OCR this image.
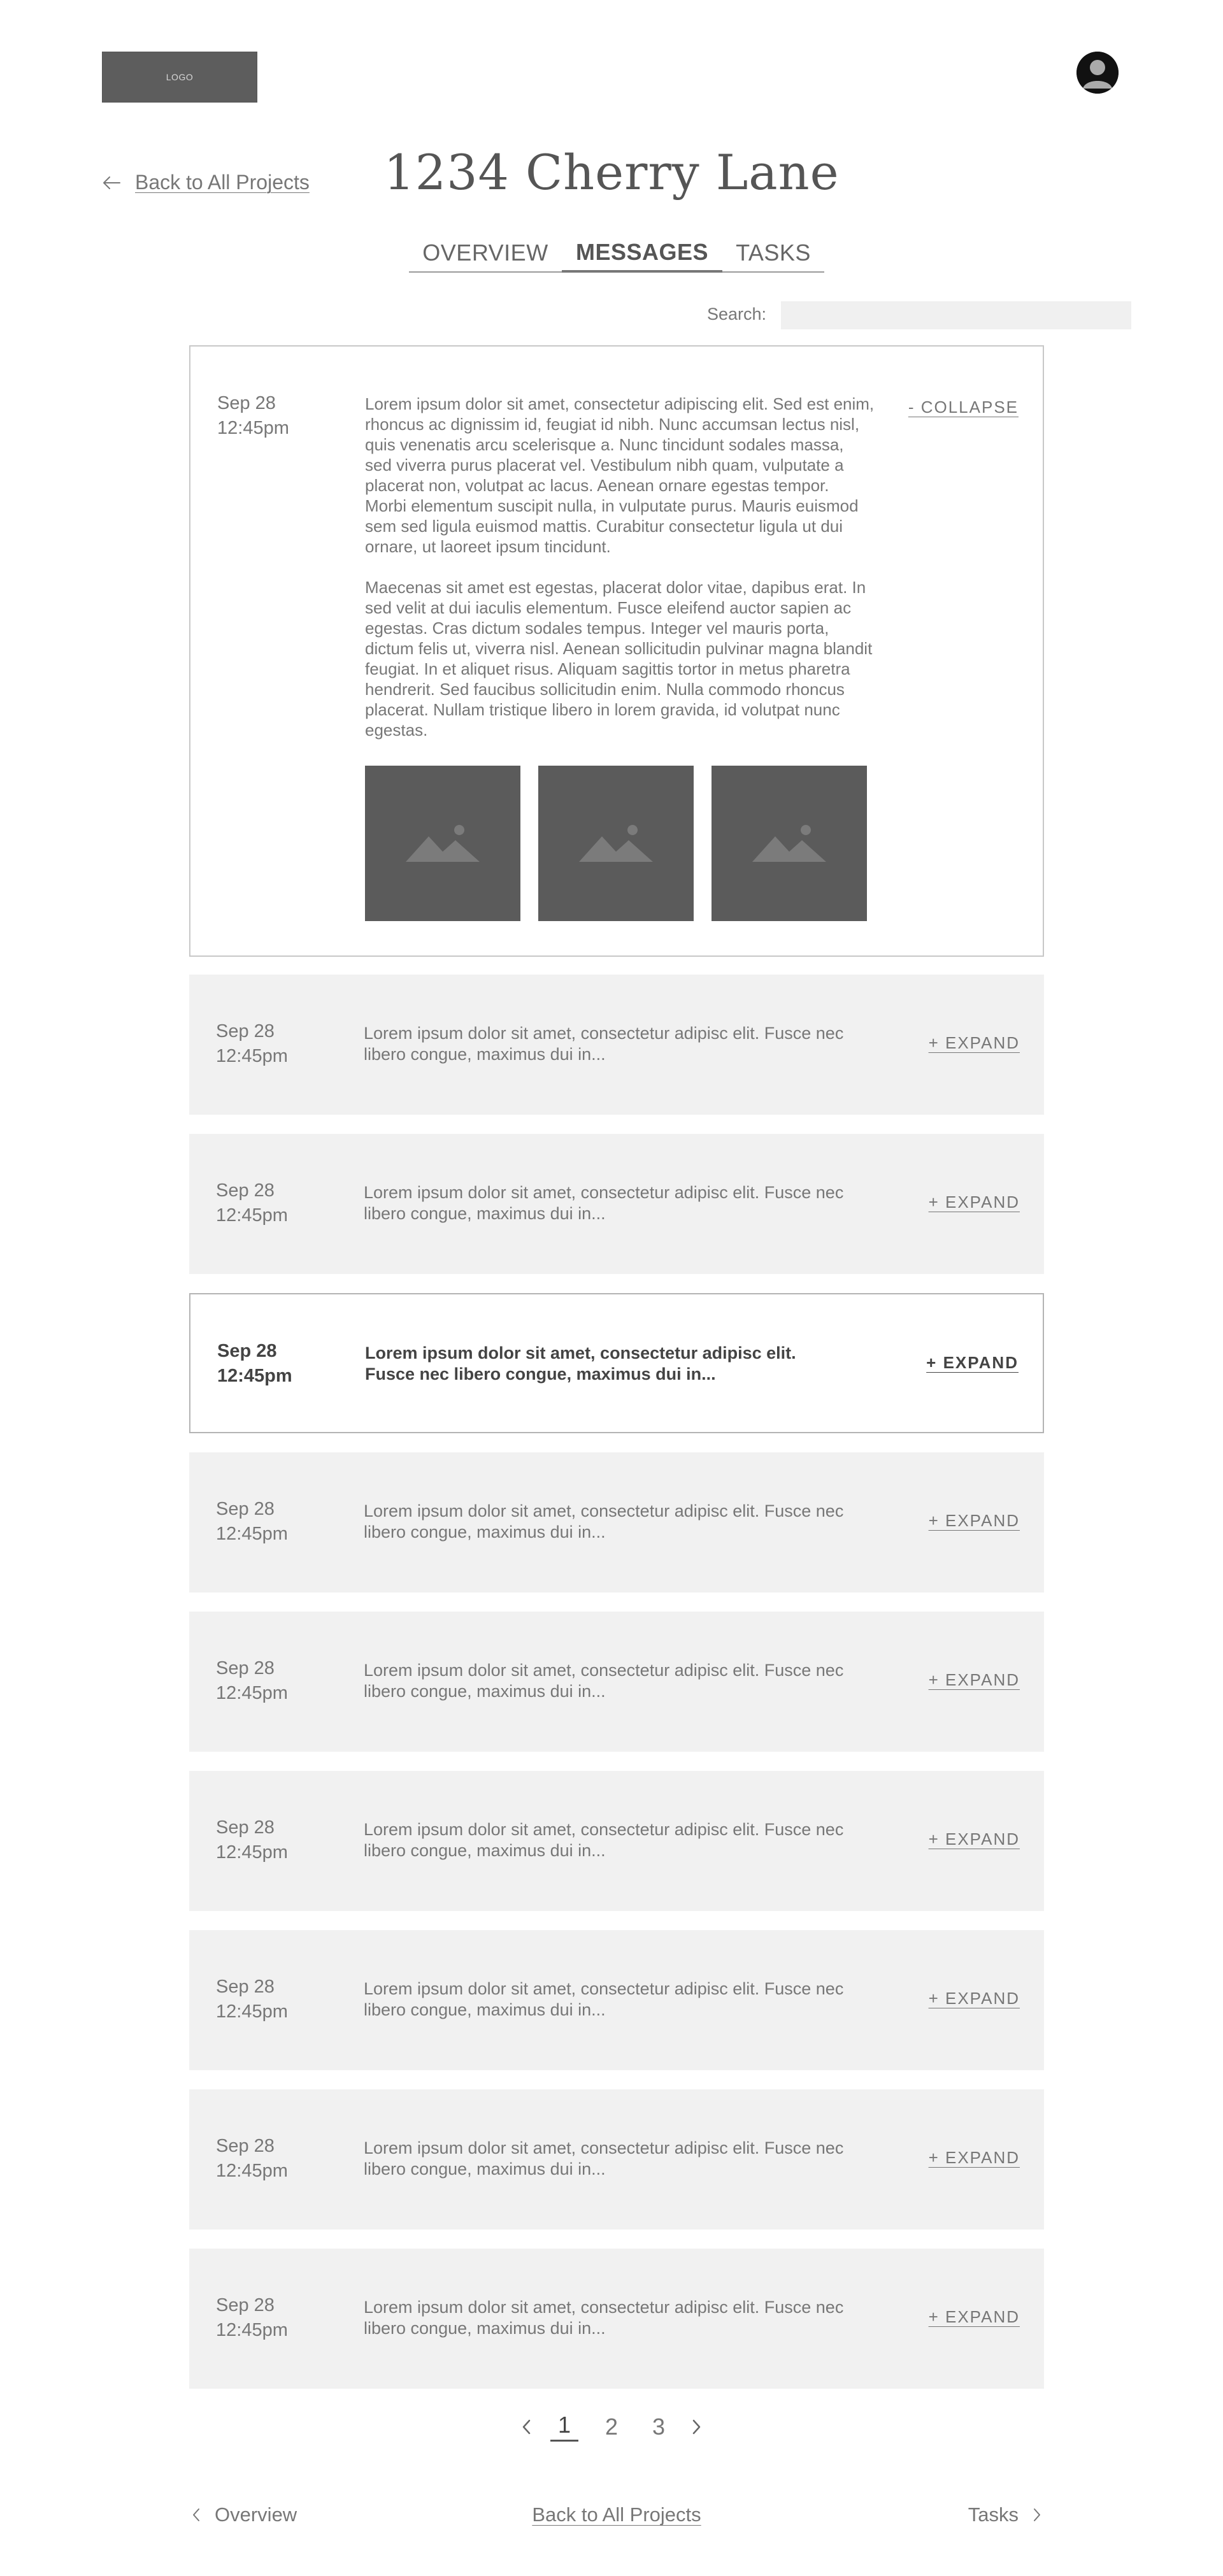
LOGO
Back to All Projects	1234 Cherry Lane
OVERVIEW	MESSAGES	TASKS
Search:
Sep 28
12:45pm

Lorem ipsum dolor sit amet, consectetur adipiscing elit. Sed est enim, rhoncus ac dignissim id, feugiat id nibh. Nunc accumsan lectus nisl, quis venenatis arcu scelerisque a. Nunc tincidunt sodales massa, sed viverra purus placerat vel. Vestibulum nibh quam, vulputate a placerat non, volutpat ac lacus. Aenean ornare egestas tempor. Morbi elementum suscipit nulla, in vulputate purus. Mauris euismod sem sed ligula euismod mattis. Curabitur consectetur ligula ut dui ornare, ut laoreet ipsum tincidunt.

Maecenas sit amet est egestas, placerat dolor vitae, dapibus erat. In sed velit at dui iaculis elementum. Fusce eleifend auctor sapien ac egestas. Cras dictum sodales tempus. Integer vel mauris porta, dictum felis ut, viverra nisl. Aenean sollicitudin pulvinar magna blandit feugiat. In et aliquet risus. Aliquam sagittis tortor in metus pharetra hendrerit. Sed faucibus sollicitudin enim. Nulla commodo rhoncus placerat. Nullam tristique libero in lorem gravida, id volutpat nunc egestas.

- COLLAPSE
Sep 28
12:45pm
Lorem ipsum dolor sit amet, consectetur adipisc elit. Fusce nec libero congue, maximus dui in...
+ EXPAND
Sep 28
12:45pm
Lorem ipsum dolor sit amet, consectetur adipisc elit. Fusce nec libero congue, maximus dui in...
+ EXPAND
Sep 28
12:45pm
Lorem ipsum dolor sit amet, consectetur adipisc elit. Fusce nec libero congue, maximus dui in...
+ EXPAND
Sep 28
12:45pm
Lorem ipsum dolor sit amet, consectetur adipisc elit. Fusce nec libero congue, maximus dui in...
+ EXPAND
Sep 28
12:45pm
Lorem ipsum dolor sit amet, consectetur adipisc elit. Fusce nec libero congue, maximus dui in...
+ EXPAND
Sep 28
12:45pm
Lorem ipsum dolor sit amet, consectetur adipisc elit. Fusce nec libero congue, maximus dui in...
+ EXPAND
Sep 28
12:45pm
Lorem ipsum dolor sit amet, consectetur adipisc elit. Fusce nec libero congue, maximus dui in...
+ EXPAND
Sep 28
12:45pm
Lorem ipsum dolor sit amet, consectetur adipisc elit. Fusce nec libero congue, maximus dui in...
+ EXPAND
Sep 28
12:45pm
Lorem ipsum dolor sit amet, consectetur adipisc elit. Fusce nec libero congue, maximus dui in...
+ EXPAND
1	2	3
Overview	Back to All Projects	Tasks
